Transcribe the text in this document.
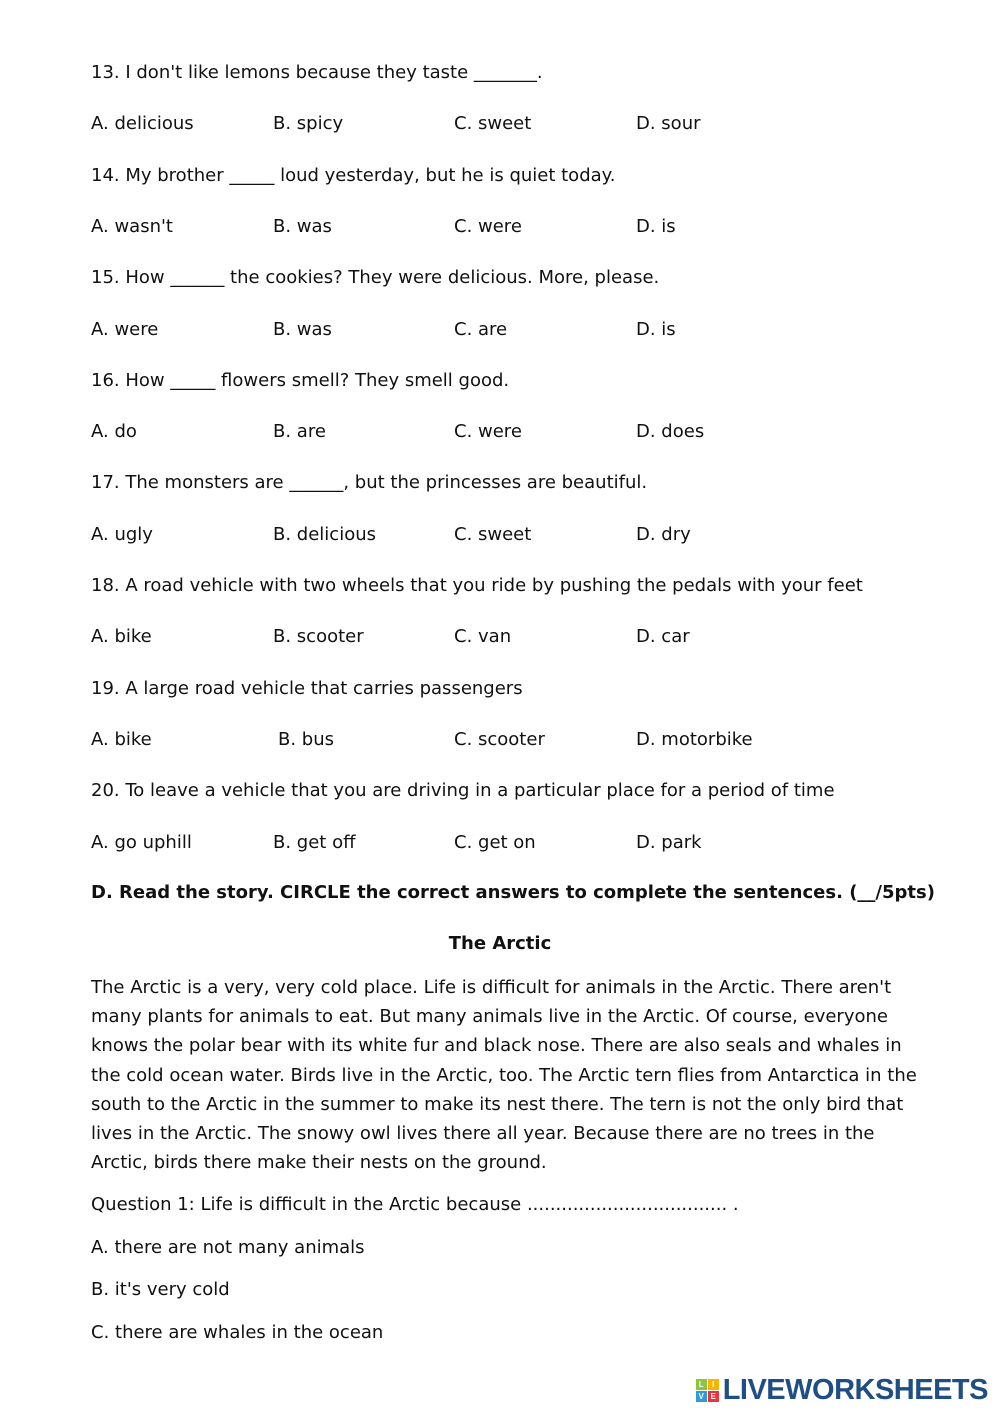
13. I don't like lemons because they taste _______.
A. delicious	B. spicy	C. sweet	D. sour
14. My brother _____ loud yesterday, but he is quiet today.
A. wasn't	B. was	C. were	D. is
15. How ______ the cookies? They were delicious. More, please.
A. were	B. was	C. are	D. is
16. How _____ flowers smell? They smell good.
A. do	B. are	C. were	D. does
17. The monsters are ______, but the princesses are beautiful.
A. ugly	B. delicious	C. sweet	D. dry
18. A road vehicle with two wheels that you ride by pushing the pedals with your feet
A. bike	B. scooter	C. van	D. car
19. A large road vehicle that carries passengers
A. bike	B. bus	C. scooter	D. motorbike
20. To leave a vehicle that you are driving in a particular place for a period of time
A. go uphill	B. get off	C. get on	D. park
D. Read the story. CIRCLE the correct answers to complete the sentences. (__/5pts)
The Arctic
The Arctic is a very, very cold place. Life is difficult for animals in the Arctic. There aren't many plants for animals to eat. But many animals live in the Arctic. Of course, everyone knows the polar bear with its white fur and black nose. There are also seals and whales in the cold ocean water. Birds live in the Arctic, too. The Arctic tern flies from Antarctica in the south to the Arctic in the summer to make its nest there. The tern is not the only bird that lives in the Arctic. The snowy owl lives there all year. Because there are no trees in the Arctic, birds there make their nests on the ground.
Question 1: Life is difficult in the Arctic because ................................... .
A. there are not many animals
B. it's very cold
C. there are whales in the ocean
L	I
V E LIVEWORKSHEETS
